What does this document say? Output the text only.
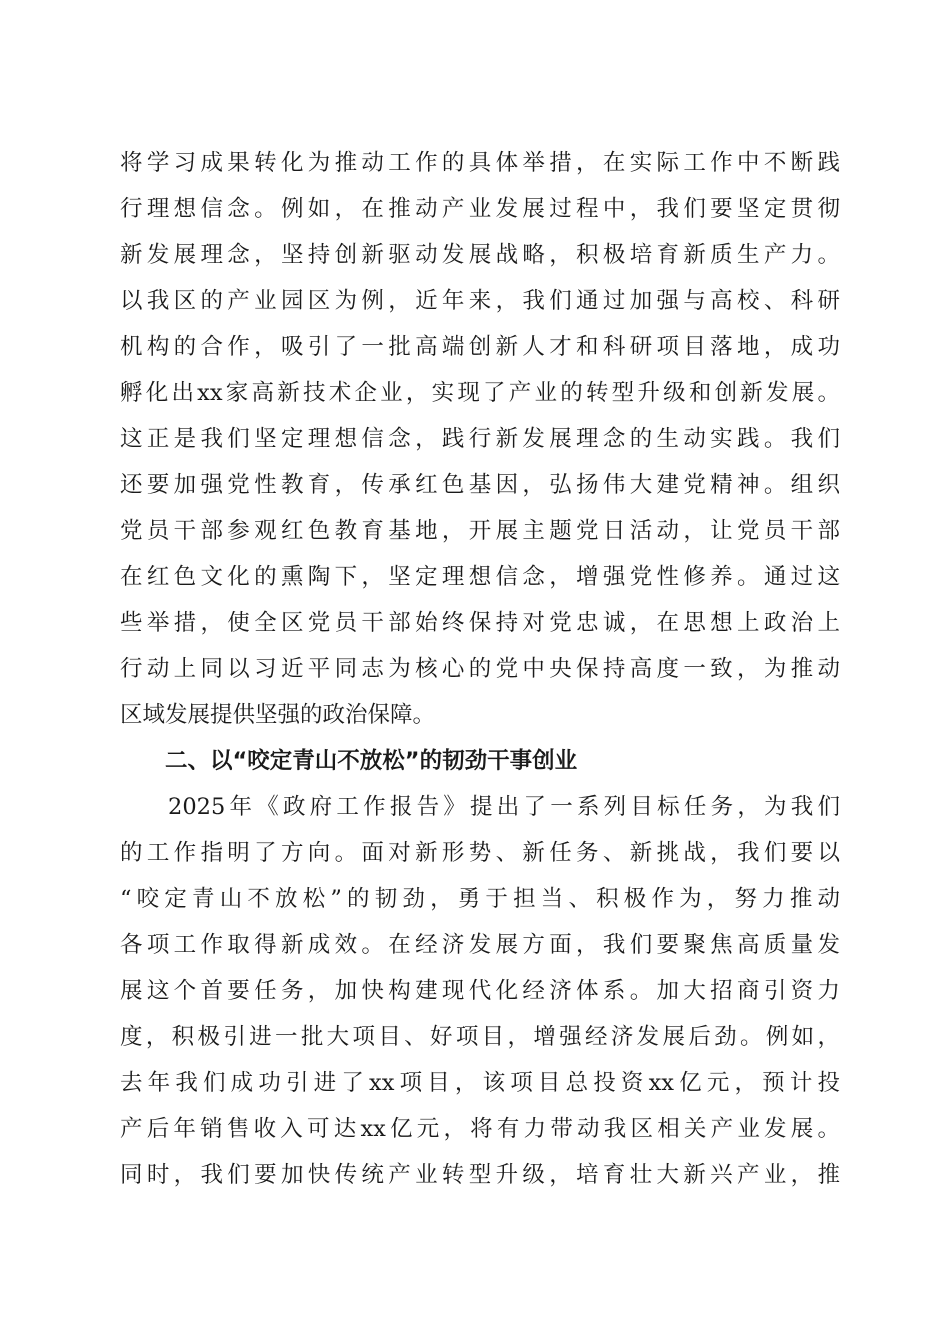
将学习成果转化为推动工作的具体举措，在实际工作中不断践
行理想信念。例如，在推动产业发展过程中，我们要坚定贯彻
新发展理念，坚持创新驱动发展战略，积极培育新质生产力。
以我区的产业园区为例，近年来，我们通过加强与高校、科研
机构的合作，吸引了一批高端创新人才和科研项目落地，成功
孵化出xx家高新技术企业，实现了产业的转型升级和创新发展。
这正是我们坚定理想信念，践行新发展理念的生动实践。我们
还要加强党性教育，传承红色基因，弘扬伟大建党精神。组织
党员干部参观红色教育基地，开展主题党日活动，让党员干部
在红色文化的熏陶下，坚定理想信念，增强党性修养。通过这
些举措，使全区党员干部始终保持对党忠诚，在思想上政治上
行动上同以习近平同志为核心的党中央保持高度一致，为推动
区域发展提供坚强的政治保障。
二、以“咬定青山不放松”的韧劲干事创业
2025年《政府工作报告》提出了一系列目标任务，为我们
的工作指明了方向。面对新形势、新任务、新挑战，我们要以
“咬定青山不放松”的韧劲，勇于担当、积极作为，努力推动
各项工作取得新成效。在经济发展方面，我们要聚焦高质量发
展这个首要任务，加快构建现代化经济体系。加大招商引资力
度，积极引进一批大项目、好项目，增强经济发展后劲。例如，
去年我们成功引进了xx项目，该项目总投资xx亿元，预计投
产后年销售收入可达xx亿元，将有力带动我区相关产业发展。
同时，我们要加快传统产业转型升级，培育壮大新兴产业，推
